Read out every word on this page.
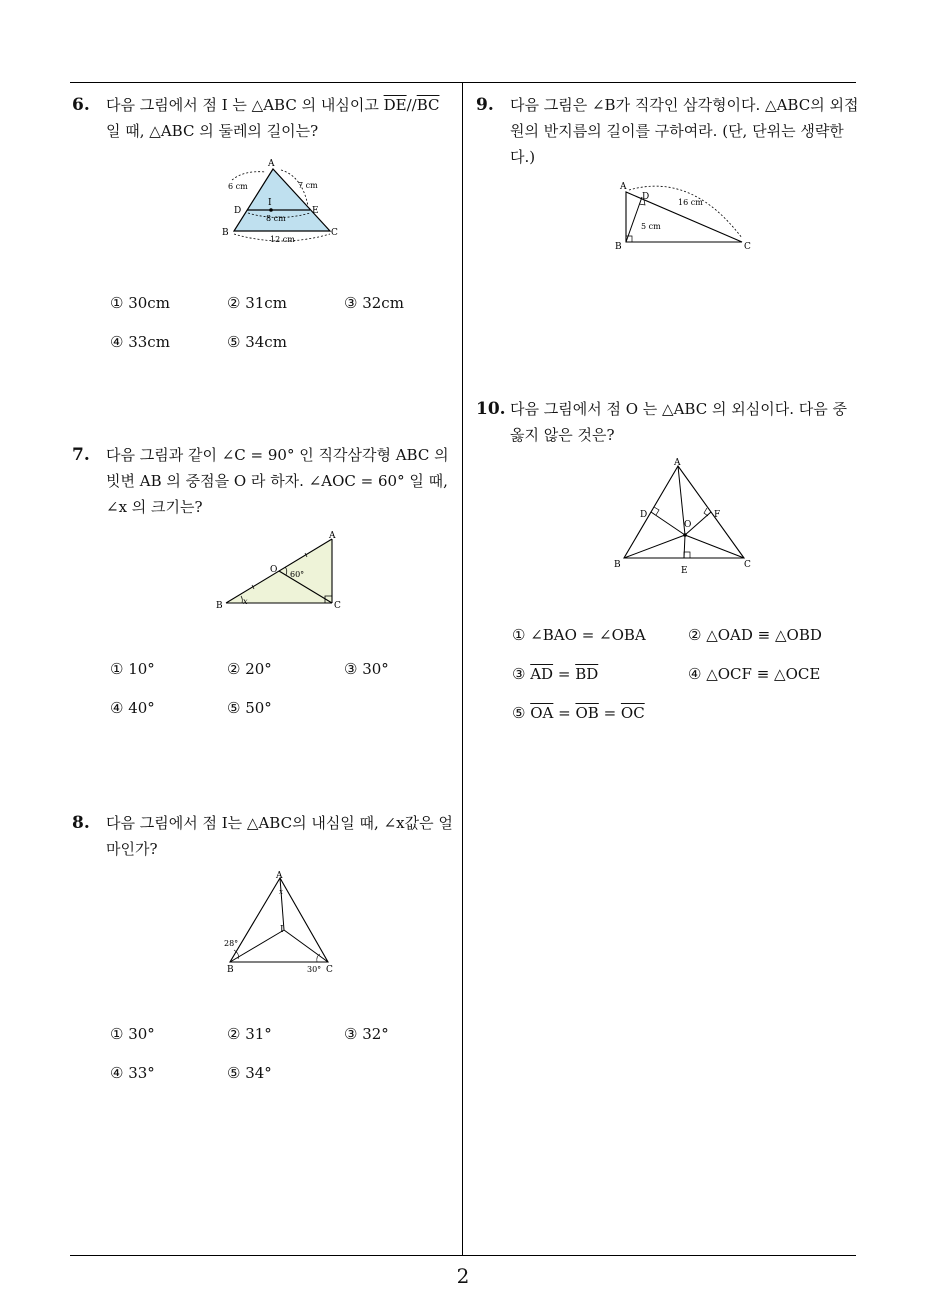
2
6. 다음 그림에서 점 I 는 △ABC 의 내심이고 $\overline{DE}//\overline{BC}$
일 때, △ABC 의 둘레의 길이는?
A
B	C
D	E
I
6 cm	7 cm
8 cm
12 cm
① 30cm	② 31cm	③ 32cm
④ 33cm	⑤ 34cm
7. 다음 그림과 같이 ∠C = 90° 인 직각삼각형 ABC 의 빗변 AB 의 중점을 O 라 하자. ∠AOC = 60° 일 때, ∠x 의 크기는?
A
B	C
O 60°
x
① 10°	② 20°	③ 30°
④ 40°	⑤ 50°
8. 다음 그림에서 점 I는 △ABC의 내심일 때, ∠x값은 얼마인가?
A
B	C
I
x
28°
30°
① 30°	② 31°	③ 32°
④ 33°	⑤ 34°
9. 다음 그림은 ∠B가 직각인 삼각형이다. △ABC의 외접원의 반지름의 길이를 구하여라. (단, 단위는 생략한다.)
A
B	C
D
16 cm
5 cm
10. 다음 그림에서 점 O 는 △ABC 의 외심이다. 다음 중 옳지 않은 것은?
A
B	C
D
E
F
O
① ∠BAO = ∠OBA	② △OAD ≡ △OBD
③ $\overline{AD} = \overline{BD}$	④ △OCF ≡ △OCE
⑤ $\overline{OA} = \overline{OB} = \overline{OC}$
